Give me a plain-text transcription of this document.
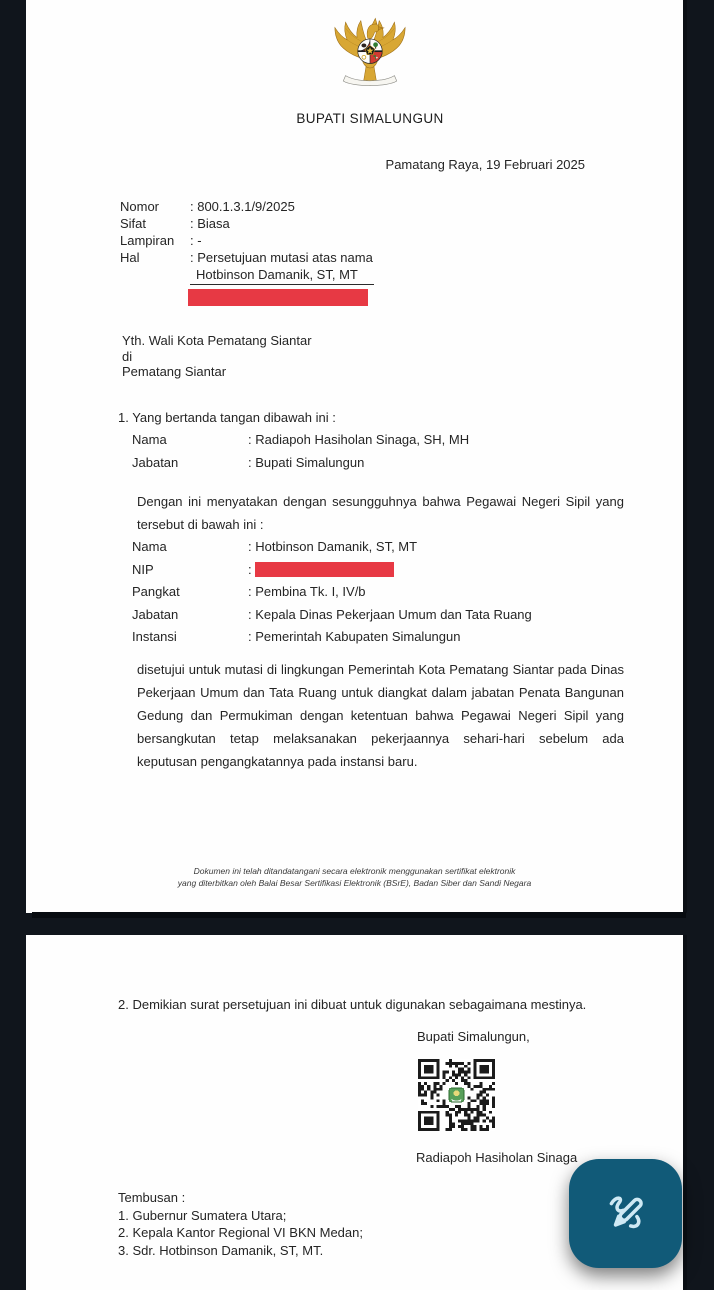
BUPATI SIMALUNGUN
Pamatang Raya, 19 Februari 2025
Nomor	: 800.1.3.1/9/2025
Sifat	: Biasa
Lampiran	: -
Hal	: Persetujuan mutasi atas nama
Hotbinson Damanik, ST, MT
Yth. Wali Kota Pematang Siantar
di
Pematang Siantar
1. Yang bertanda tangan dibawah ini :
Nama	: Radiapoh Hasiholan Sinaga, SH, MH
Jabatan	: Bupati Simalungun
Dengan ini menyatakan dengan sesungguhnya bahwa Pegawai Negeri Sipil yang tersebut di bawah ini :
Nama	: Hotbinson Damanik, ST, MT
NIP	:
Pangkat	: Pembina Tk. I, IV/b
Jabatan	: Kepala Dinas Pekerjaan Umum dan Tata Ruang
Instansi	: Pemerintah Kabupaten Simalungun
disetujui untuk mutasi di lingkungan Pemerintah Kota Pematang Siantar pada Dinas Pekerjaan Umum dan Tata Ruang untuk diangkat dalam jabatan Penata Bangunan Gedung dan Permukiman dengan ketentuan bahwa Pegawai Negeri Sipil yang bersangkutan tetap melaksanakan pekerjaannya sehari-hari sebelum ada keputusan pengangkatannya pada instansi baru.
Dokumen ini telah ditandatangani secara elektronik menggunakan sertifikat elektronik
yang diterbitkan oleh Balai Besar Sertifikasi Elektronik (BSrE), Badan Siber dan Sandi Negara
2. Demikian surat persetujuan ini dibuat untuk digunakan sebagaimana mestinya.
Bupati Simalungun,
Radiapoh Hasiholan Sinaga
Tembusan :
1. Gubernur Sumatera Utara;
2. Kepala Kantor Regional VI BKN Medan;
3. Sdr. Hotbinson Damanik, ST, MT.
